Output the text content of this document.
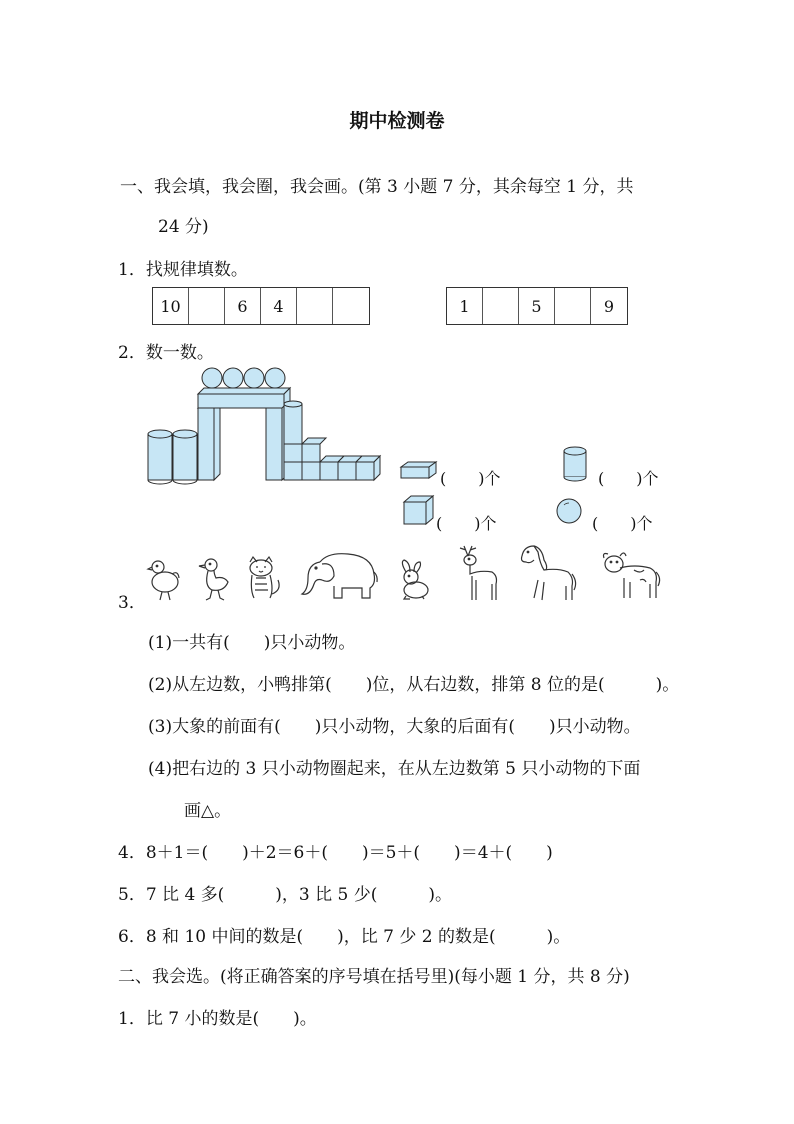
期中检测卷
一、我会填，我会圈，我会画。(第 3 小题 7 分，其余每空 1 分，共
24 分)
1．找规律填数。
10	6	4	1	5	9
2．数一数。
(　　)个	(　　)个
(　　)个	(　　)个
3．
(1)一共有(　　)只小动物。
(2)从左边数，小鸭排第(　　)位，从右边数，排第 8 位的是(　　　)。
(3)大象的前面有(　　)只小动物，大象的后面有(　　)只小动物。
(4)把右边的 3 只小动物圈起来，在从左边数第 5 只小动物的下面
画△。
4．8＋1＝(　　)＋2＝6＋(　　)＝5＋(　　)＝4＋(　　)
5．7 比 4 多(　　　)，3 比 5 少(　　　)。
6．8 和 10 中间的数是(　　)，比 7 少 2 的数是(　　　)。
二、我会选。(将正确答案的序号填在括号里)(每小题 1 分，共 8 分)
1．比 7 小的数是(　　)。
